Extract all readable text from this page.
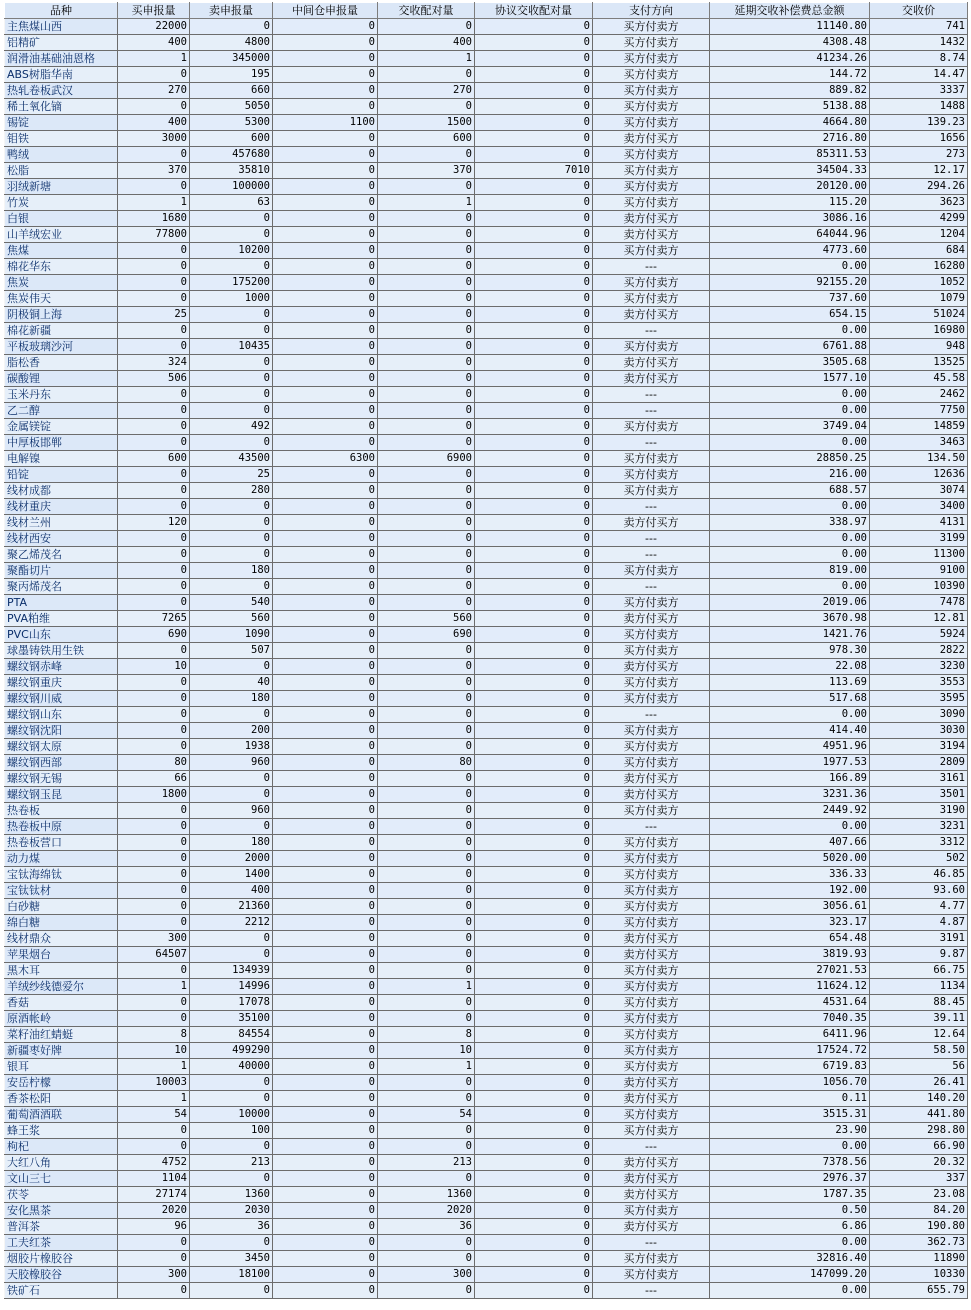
品种	买申报量	卖申报量	中间仓申报量	交收配对量	协议交收配对量	支付方向	延期交收补偿费总金额	交收价
主焦煤山西	22000	0	0	0	0	买方付卖方	11140.80	741
铝精矿	400	4800	0	400	0	买方付卖方	4308.48	1432
润滑油基础油恩格	1	345000	0	1	0	买方付卖方	41234.26	8.74
ABS树脂华南	0	195	0	0	0	买方付卖方	144.72	14.47
热轧卷板武汉	270	660	0	270	0	买方付卖方	889.82	3337
稀土氧化镝	0	5050	0	0	0	买方付卖方	5138.88	1488
锡锭	400	5300	1100	1500	0	买方付卖方	4664.80	139.23
钼铁	3000	600	0	600	0	卖方付买方	2716.80	1656
鸭绒	0	457680	0	0	0	买方付卖方	85311.53	273
松脂	370	35810	0	370	7010	买方付卖方	34504.33	12.17
羽绒新塘	0	100000	0	0	0	买方付卖方	20120.00	294.26
竹炭	1	63	0	1	0	买方付卖方	115.20	3623
白银	1680	0	0	0	0	卖方付买方	3086.16	4299
山羊绒宏业	77800	0	0	0	0	卖方付买方	64044.96	1204
焦煤	0	10200	0	0	0	买方付卖方	4773.60	684
棉花华东	0	0	0	0	0	---	0.00	16280
焦炭	0	175200	0	0	0	买方付卖方	92155.20	1052
焦炭伟天	0	1000	0	0	0	买方付卖方	737.60	1079
阴极铜上海	25	0	0	0	0	卖方付买方	654.15	51024
棉花新疆	0	0	0	0	0	---	0.00	16980
平板玻璃沙河	0	10435	0	0	0	买方付卖方	6761.88	948
脂松香	324	0	0	0	0	卖方付买方	3505.68	13525
碳酸锂	506	0	0	0	0	卖方付买方	1577.10	45.58
玉米丹东	0	0	0	0	0	---	0.00	2462
乙二醇	0	0	0	0	0	---	0.00	7750
金属镁锭	0	492	0	0	0	买方付卖方	3749.04	14859
中厚板邯郸	0	0	0	0	0	---	0.00	3463
电解镍	600	43500	6300	6900	0	买方付卖方	28850.25	134.50
铅锭	0	25	0	0	0	买方付卖方	216.00	12636
线材成都	0	280	0	0	0	买方付卖方	688.57	3074
线材重庆	0	0	0	0	0	---	0.00	3400
线材兰州	120	0	0	0	0	卖方付买方	338.97	4131
线材西安	0	0	0	0	0	---	0.00	3199
聚乙烯茂名	0	0	0	0	0	---	0.00	11300
聚酯切片	0	180	0	0	0	买方付卖方	819.00	9100
聚丙烯茂名	0	0	0	0	0	---	0.00	10390
PTA	0	540	0	0	0	买方付卖方	2019.06	7478
PVA粕维	7265	560	0	560	0	卖方付买方	3670.98	12.81
PVC山东	690	1090	0	690	0	买方付卖方	1421.76	5924
球墨铸铁用生铁	0	507	0	0	0	买方付卖方	978.30	2822
螺纹钢赤峰	10	0	0	0	0	卖方付买方	22.08	3230
螺纹钢重庆	0	40	0	0	0	买方付卖方	113.69	3553
螺纹钢川威	0	180	0	0	0	买方付卖方	517.68	3595
螺纹钢山东	0	0	0	0	0	---	0.00	3090
螺纹钢沈阳	0	200	0	0	0	买方付卖方	414.40	3030
螺纹钢太原	0	1938	0	0	0	买方付卖方	4951.96	3194
螺纹钢西部	80	960	0	80	0	买方付卖方	1977.53	2809
螺纹钢无锡	66	0	0	0	0	卖方付买方	166.89	3161
螺纹钢玉昆	1800	0	0	0	0	卖方付买方	3231.36	3501
热卷板	0	960	0	0	0	买方付卖方	2449.92	3190
热卷板中原	0	0	0	0	0	---	0.00	3231
热卷板营口	0	180	0	0	0	买方付卖方	407.66	3312
动力煤	0	2000	0	0	0	买方付卖方	5020.00	502
宝钛海绵钛	0	1400	0	0	0	买方付卖方	336.33	46.85
宝钛钛材	0	400	0	0	0	买方付卖方	192.00	93.60
白砂糖	0	21360	0	0	0	买方付卖方	3056.61	4.77
绵白糖	0	2212	0	0	0	买方付卖方	323.17	4.87
线材鼎众	300	0	0	0	0	卖方付买方	654.48	3191
苹果烟台	64507	0	0	0	0	卖方付买方	3819.93	9.87
黑木耳	0	134939	0	0	0	买方付卖方	27021.53	66.75
羊绒纱线德爱尔	1	14996	0	1	0	买方付卖方	11624.12	1134
香菇	0	17078	0	0	0	买方付卖方	4531.64	88.45
原酒帐岭	0	35100	0	0	0	买方付卖方	7040.35	39.11
菜籽油红蜻蜓	8	84554	0	8	0	买方付卖方	6411.96	12.64
新疆枣好牌	10	499290	0	10	0	买方付卖方	17524.72	58.50
银耳	1	40000	0	1	0	买方付卖方	6719.83	56
安岳柠檬	10003	0	0	0	0	卖方付买方	1056.70	26.41
香茶松阳	1	0	0	0	0	卖方付买方	0.11	140.20
葡萄酒酒联	54	10000	0	54	0	买方付卖方	3515.31	441.80
蜂王浆	0	100	0	0	0	买方付卖方	23.90	298.80
枸杞	0	0	0	0	0	---	0.00	66.90
大红八角	4752	213	0	213	0	卖方付买方	7378.56	20.32
文山三七	1104	0	0	0	0	卖方付买方	2976.37	337
茯苓	27174	1360	0	1360	0	卖方付买方	1787.35	23.08
安化黑茶	2020	2030	0	2020	0	买方付卖方	0.50	84.20
普洱茶	96	36	0	36	0	卖方付买方	6.86	190.80
工夫红茶	0	0	0	0	0	---	0.00	362.73
烟胶片橡胶谷	0	3450	0	0	0	买方付卖方	32816.40	11890
天胶橡胶谷	300	18100	0	300	0	买方付卖方	147099.20	10330
铁矿石	0	0	0	0	0	---	0.00	655.79
